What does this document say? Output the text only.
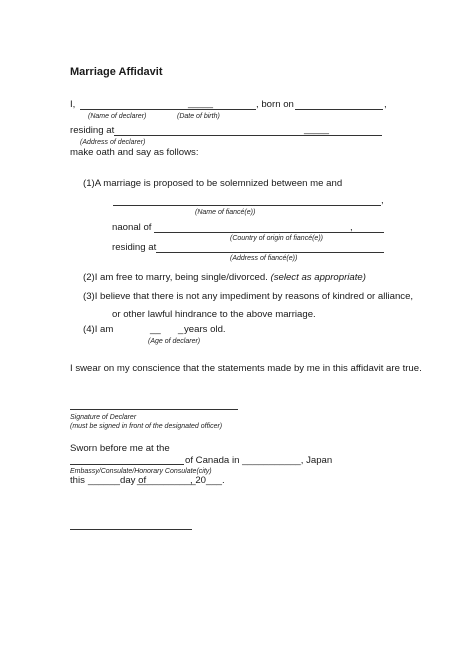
Marriage Affidavit
I,	_____	, born on	,
(Name of declarer)	(Date of birth)
residing at	_____
(Address of declarer)
make oath and say as follows:
(1)A marriage is proposed to be solemnized between me and
,
(Name of fiancé(e))
naonal of	,
(Country of origin of fiancé(e))
residing at
(Address of fiancé(e))
(2)I am free to marry, being single/divorced. (select as appropriate)
(3)I believe that there is not any impediment by reasons of kindred or alliance,
or other lawful hindrance to the above marriage.
(4)I am	__ _ years old.
(Age of declarer)
I swear on my conscience that the statements made by me in this affidavit are true.
Signature of Declarer
(must be signed in front of the designated officer)
Sworn before me at the
of Canada in ___________, Japan
Embassy/Consulate/Honorary Consulate(city)
this ______day of
___________
, 20___.
